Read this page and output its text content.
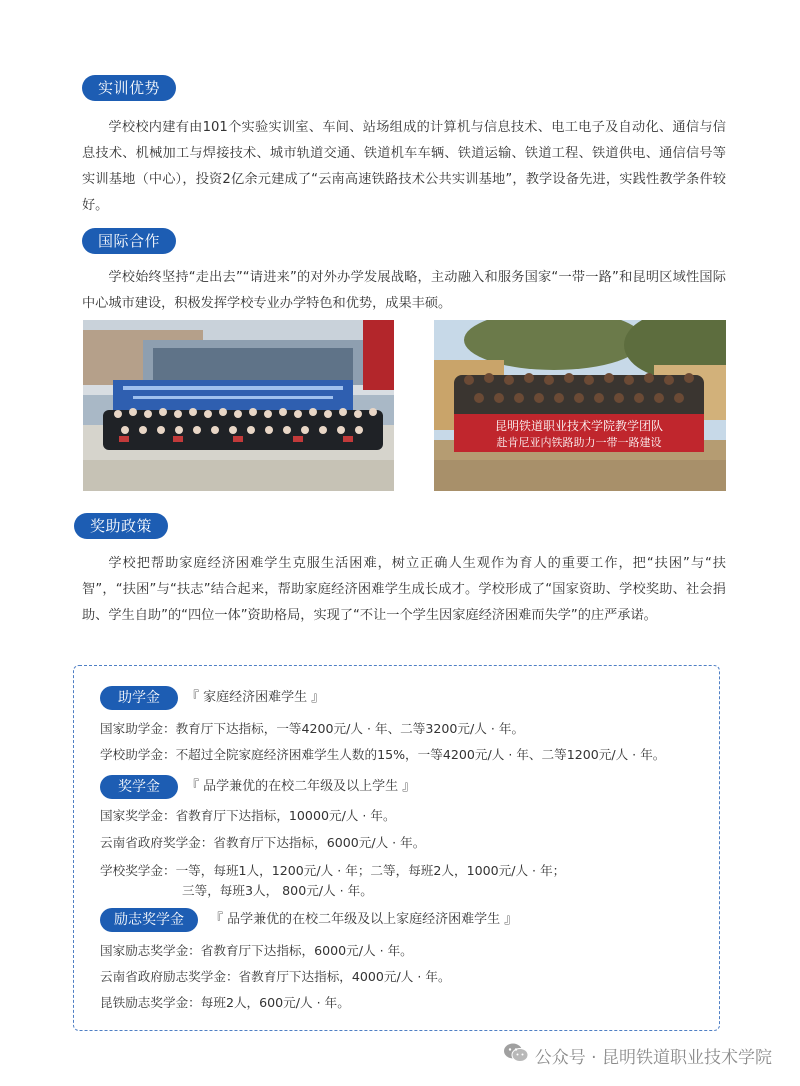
实训优势

学校校内建有由101个实验实训室、车间、站场组成的计算机与信息技术、电工电子及自动化、通信与信息技术、机械加工与焊接技术、城市轨道交通、铁道机车车辆、铁道运输、铁道工程、铁道供电、通信信号等实训基地（中心），投资2亿余元建成了“云南高速铁路技术公共实训基地”，教学设备先进，实践性教学条件较好。

国际合作

学校始终坚持“走出去”“请进来”的对外办学发展战略，主动融入和服务国家“一带一路”和昆明区域性国际中心城市建设，积极发挥学校专业办学特色和优势，成果丰硕。

昆明铁道职业技术学院教学团队
赴肯尼亚内铁路助力一带一路建设
奖助政策

学校把帮助家庭经济困难学生克服生活困难，树立正确人生观作为育人的重要工作，把“扶困”与“扶智”，“扶困”与“扶志”结合起来，帮助家庭经济困难学生成长成才。学校形成了“国家资助、学校奖助、社会捐助、学生自助”的“四位一体”资助格局，实现了“不让一个学生因家庭经济困难而失学”的庄严承诺。

助学金	『 家庭经济困难学生 』
国家助学金：教育厅下达指标，一等4200元/人 · 年、二等3200元/人 · 年。
学校助学金：不超过全院家庭经济困难学生人数的15%，一等4200元/人 · 年、二等1200元/人 · 年。
奖学金	『 品学兼优的在校二年级及以上学生 』
国家奖学金：省教育厅下达指标，10000元/人 · 年。
云南省政府奖学金：省教育厅下达指标，6000元/人 · 年。
学校奖学金：一等，每班1人，1200元/人 · 年；二等，每班2人，1000元/人 · 年；
三等，每班3人， 800元/人 · 年。
励志奖学金	『 品学兼优的在校二年级及以上家庭经济困难学生 』
国家励志奖学金：省教育厅下达指标，6000元/人 · 年。
云南省政府励志奖学金：省教育厅下达指标，4000元/人 · 年。
昆铁励志奖学金：每班2人，600元/人 · 年。
公众号 · 昆明铁道职业技术学院
